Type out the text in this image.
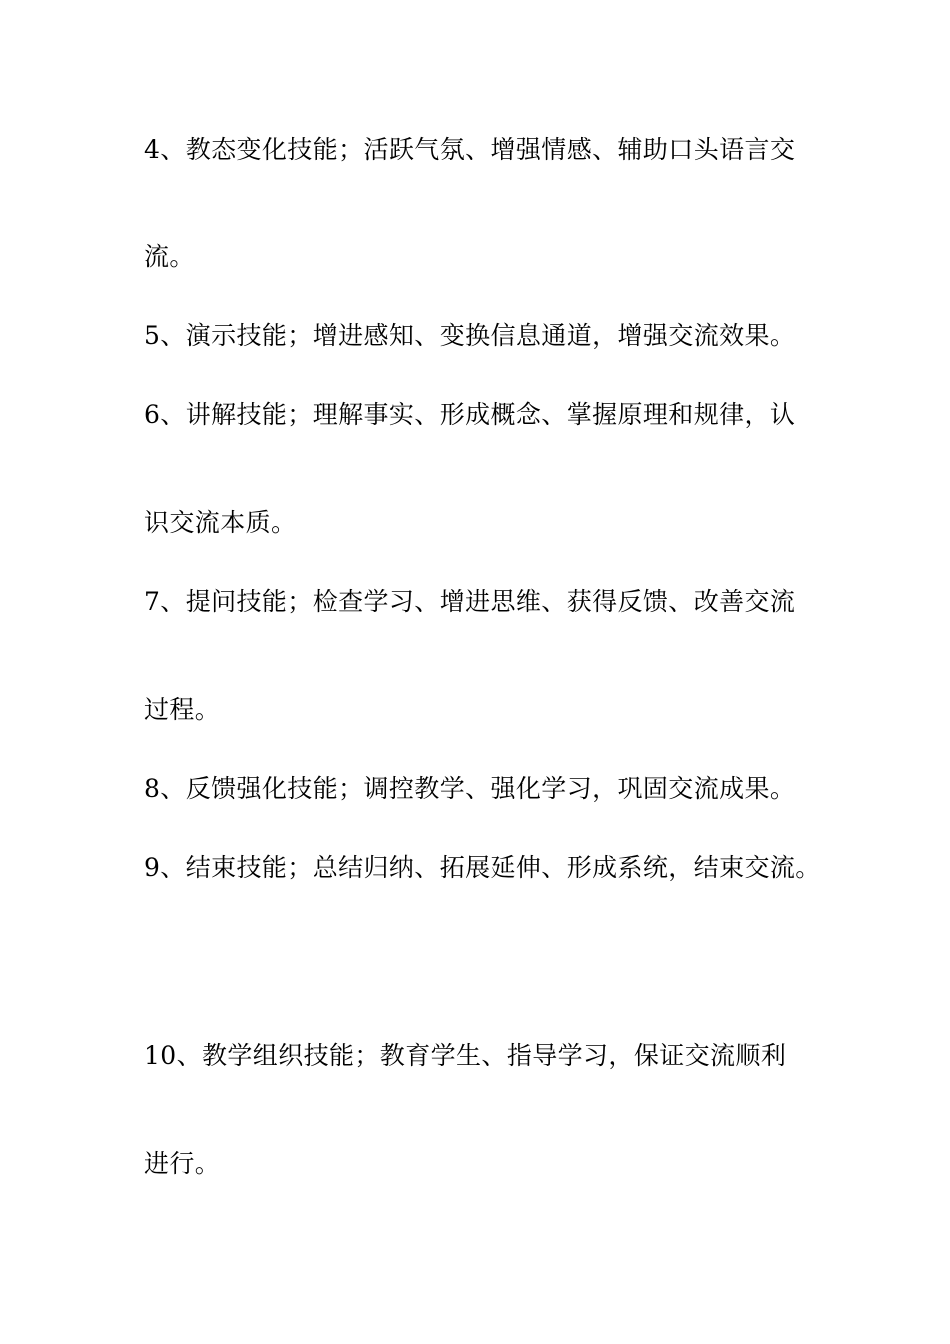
4、教态变化技能；活跃气氛、增强情感、辅助口头语言交
流。
5、演示技能；增进感知、变换信息通道，增强交流效果。
6、讲解技能；理解事实、形成概念、掌握原理和规律，认
识交流本质。
7、提问技能；检查学习、增进思维、获得反馈、改善交流
过程。
8、反馈强化技能；调控教学、强化学习，巩固交流成果。
9、结束技能；总结归纳、拓展延伸、形成系统，结束交流。
10、教学组织技能；教育学生、指导学习，保证交流顺利
进行。
